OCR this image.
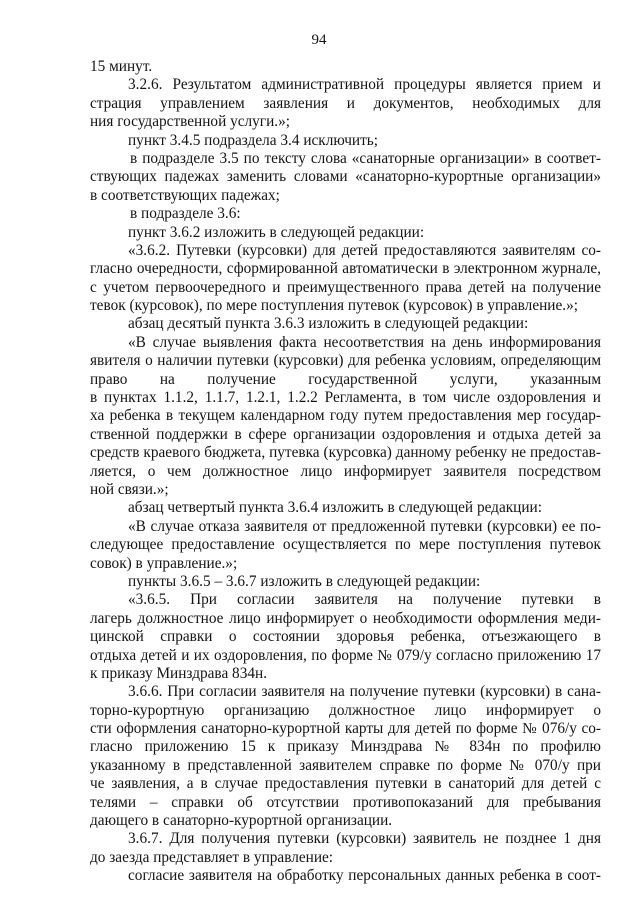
94
15 минут.
3.2.6. Результатом административной процедуры является прием и
страция управлением заявления и документов, необходимых для
ния государственной услуги.»;
пункт 3.4.5 подраздела 3.4 исключить;
в подразделе 3.5 по тексту слова «санаторные организации» в соответ-
ствующих падежах заменить словами «санаторно-курортные организации»
в соответствующих падежах;
в подразделе 3.6:
пункт 3.6.2 изложить в следующей редакции:
«3.6.2. Путевки (курсовки) для детей предоставляются заявителям со-
гласно очередности, сформированной автоматически в электронном журнале,
с учетом первоочередного и преимущественного права детей на получение
тевок (курсовок), по мере поступления путевок (курсовок) в управление.»;
абзац десятый пункта 3.6.3 изложить в следующей редакции:
«В случае выявления факта несоответствия на день информирования
явителя о наличии путевки (курсовки) для ребенка условиям, определяющим
право на получение государственной услуги, указанным
в пунктах 1.1.2, 1.1.7, 1.2.1, 1.2.2 Регламента, в том числе оздоровления и
ха ребенка в текущем календарном году путем предоставления мер государ-
ственной поддержки в сфере организации оздоровления и отдыха детей за
средств краевого бюджета, путевка (курсовка) данному ребенку не предостав-
ляется, о чем должностное лицо информирует заявителя посредством
ной связи.»;
абзац четвертый пункта 3.6.4 изложить в следующей редакции:
«В случае отказа заявителя от предложенной путевки (курсовки) ее по-
следующее предоставление осуществляется по мере поступления путевок
совок) в управление.»;
пункты 3.6.5 – 3.6.7 изложить в следующей редакции:
«3.6.5. При согласии заявителя на получение путевки в
лагерь должностное лицо информирует о необходимости оформления меди-
цинской справки о состоянии здоровья ребенка, отъезжающего в
отдыха детей и их оздоровления, по форме № 079/у согласно приложению 17
к приказу Минздрава 834н.
3.6.6. При согласии заявителя на получение путевки (курсовки) в сана-
торно-курортную организацию должностное лицо информирует о
сти оформления санаторно-курортной карты для детей по форме № 076/у со-
гласно приложению 15 к приказу Минздрава № 834н по профилю
указанному в представленной заявителем справке по форме № 070/у при
че заявления, а в случае предоставления путевки в санаторий для детей с
телями – справки об отсутствии противопоказаний для пребывания
дающего в санаторно-курортной организации.
3.6.7. Для получения путевки (курсовки) заявитель не позднее 1 дня
до заезда представляет в управление:
согласие заявителя на обработку персональных данных ребенка в соот-
